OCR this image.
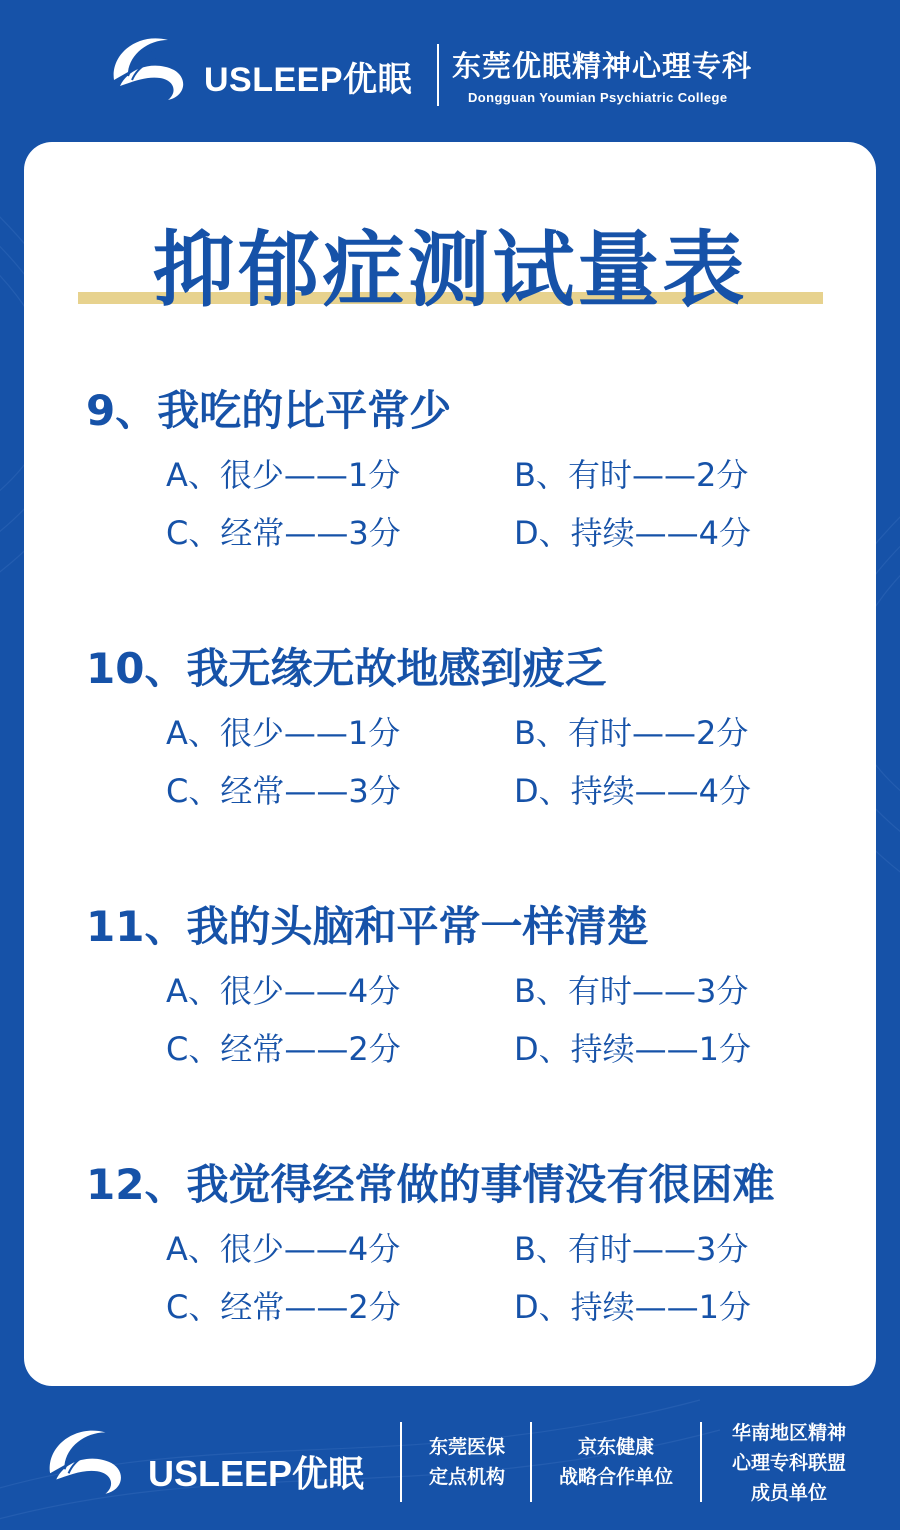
USLEEP优眠 东莞优眠精神心理专科
Dongguan Youmian Psychiatric College
抑郁症测试量表
9、我吃的比平常少
A、很少——1分	B、有时——2分
C、经常——3分	D、持续——4分
10、我无缘无故地感到疲乏
A、很少——1分	B、有时——2分
C、经常——3分	D、持续——4分
11、我的头脑和平常一样清楚
A、很少——4分	B、有时——3分
C、经常——2分	D、持续——1分
12、我觉得经常做的事情没有很困难
A、很少——4分	B、有时——3分
C、经常——2分	D、持续——1分
USLEEP优眠
东莞医保
定点机构
京东健康
战略合作单位
华南地区精神
心理专科联盟
成员单位
